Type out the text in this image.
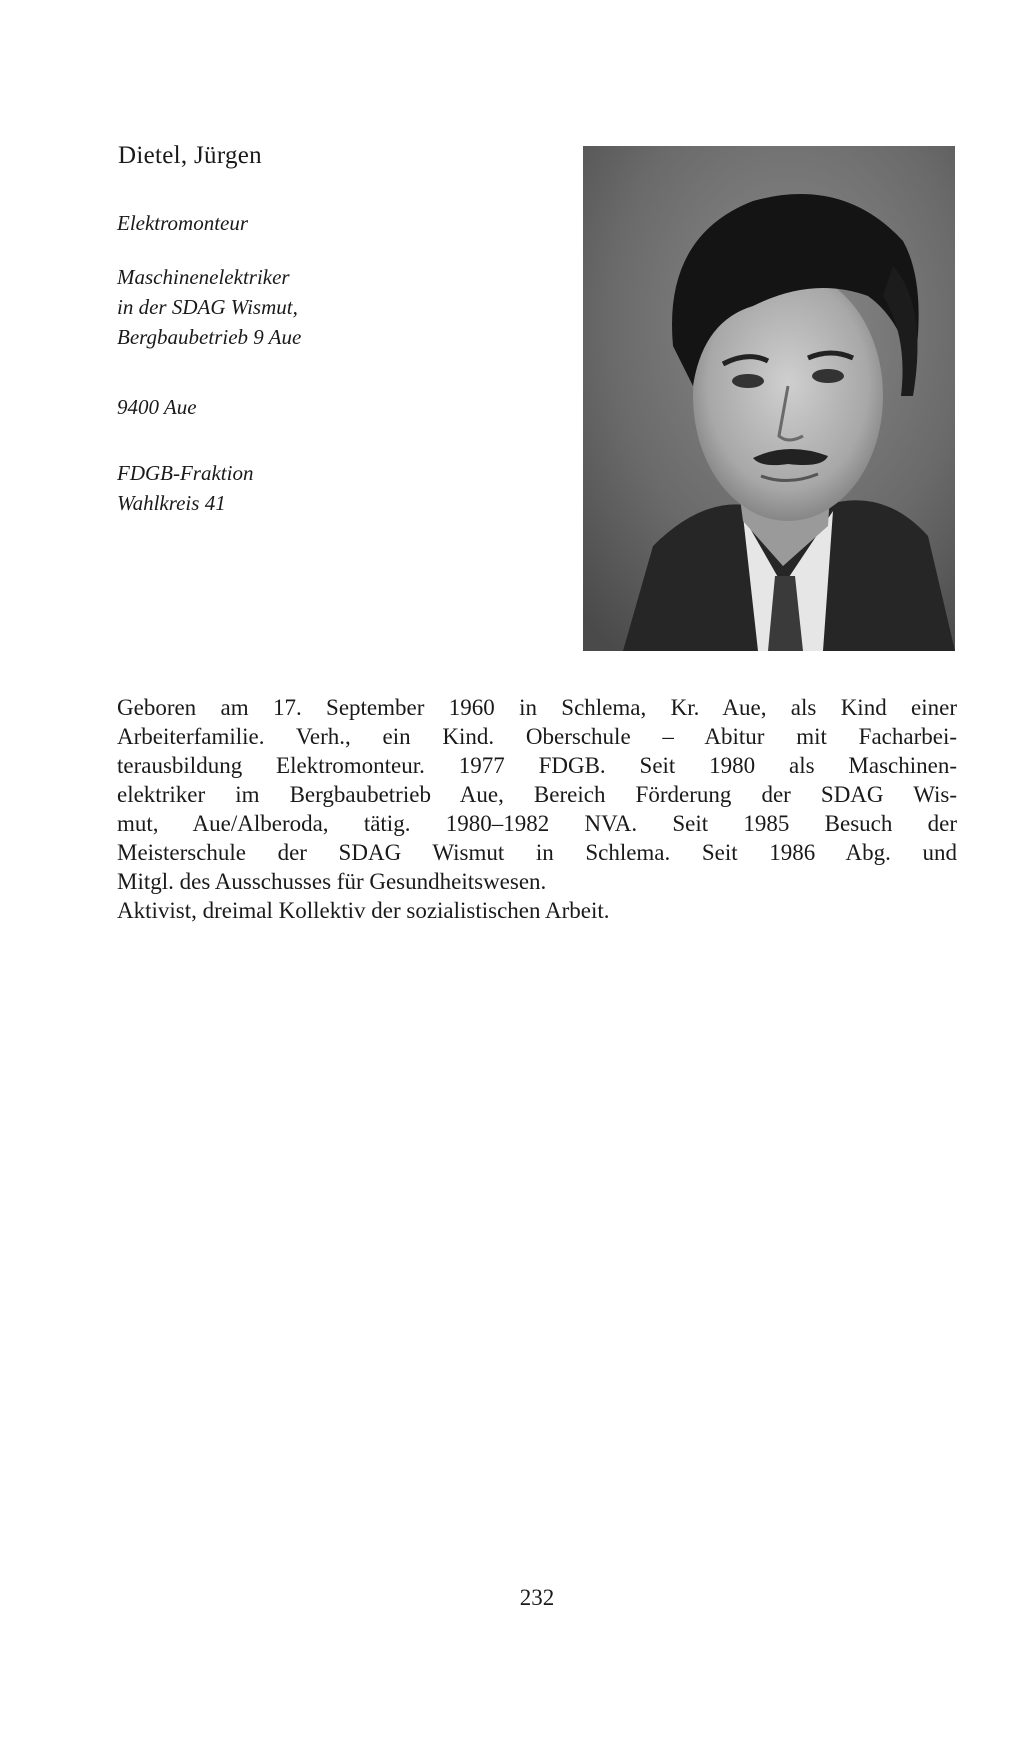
Dietel, Jürgen

Elektromonteur

Maschinenelektriker
in der SDAG Wismut,
Bergbaubetrieb 9 Aue

9400 Aue

FDGB-Fraktion
Wahlkreis 41

Geboren am 17. September 1960 in Schlema, Kr. Aue, als Kind einer
Arbeiterfamilie. Verh., ein Kind. Oberschule – Abitur mit Facharbei-
terausbildung Elektromonteur. 1977 FDGB. Seit 1980 als Maschinen-
elektriker im Bergbaubetrieb Aue, Bereich Förderung der SDAG Wis-
mut, Aue/Alberoda, tätig. 1980–1982 NVA. Seit 1985 Besuch der
Meisterschule der SDAG Wismut in Schlema. Seit 1986 Abg. und
Mitgl. des Ausschusses für Gesundheitswesen.
Aktivist, dreimal Kollektiv der sozialistischen Arbeit.

232
